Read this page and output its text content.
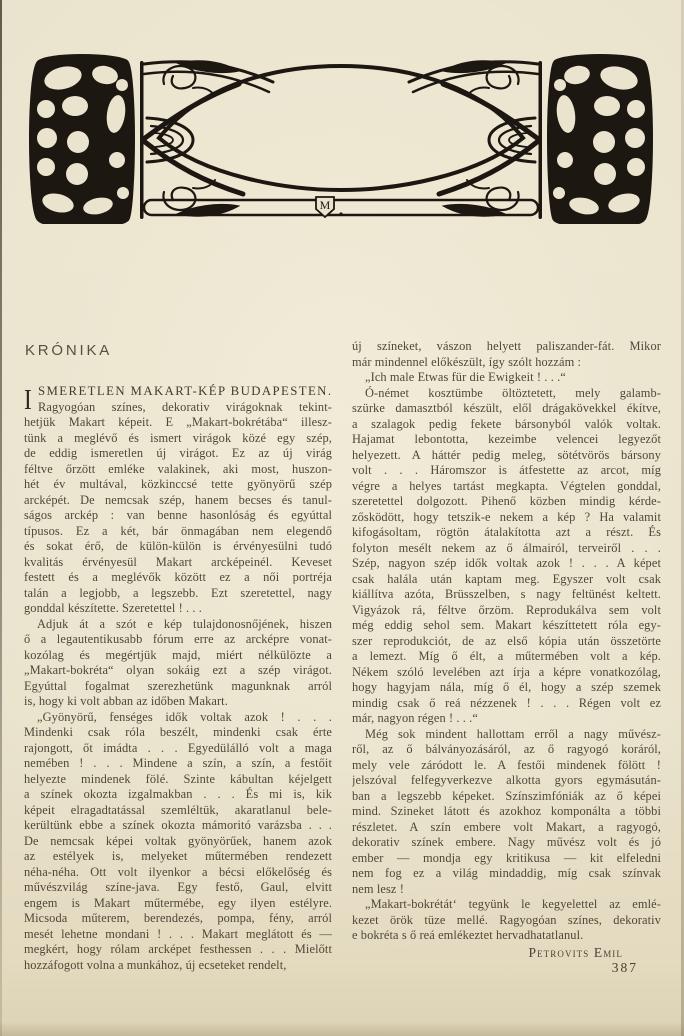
M
KRÓNIKA
I SMERETLEN MAKART-KÉP BUDAPESTEN.
Ragyogóan színes, dekorativ virágoknak tekint-
hetjük Makart képeit. E „Makart-bokrétába“ illesz-
tünk a meglévő és ismert virágok közé egy szép,
de eddig ismeretlen új virágot. Ez az új virág
féltve őrzött emléke valakinek, aki most, huszon-
hét év multával, közkinccsé tette gyönyörű szép
arcképét. De nemcsak szép, hanem becses és tanul-
ságos arckép : van benne hasonlóság és egyúttal
típusos. Ez a két, bár önmagában nem elegendő
és sokat érő, de külön-külön is érvényesülni tudó
kvalitás érvényesül Makart arcképeinél. Keveset
festett és a meglévők között ez a női portréja
talán a legjobb, a legszebb. Ezt szeretettel, nagy
gonddal készítette. Szeretettel ! . . .
Adjuk át a szót e kép tulajdonosnőjének, hiszen
ő a legautentikusabb fórum erre az arcképre vonat-
kozólag és megértjük majd, miért nélkülözte a
„Makart-bokréta“ olyan sokáig ezt a szép virágot.
Egyúttal fogalmat szerezhetünk magunknak arról
is, hogy ki volt abban az időben Makart.
„Gyönyörű, fenséges idők voltak azok ! . . .
Mindenki csak róla beszélt, mindenki csak érte
rajongott, őt imádta . . . Egyedülálló volt a maga
nemében ! . . . Mindene a szín, a szín, a festőit
helyezte mindenek fölé. Szinte kábultan kéjelgett
a színek okozta izgalmakban . . . És mi is, kik
képeit elragadtatással szemléltük, akaratlanul bele-
kerültünk ebbe a színek okozta mámoritó varázsba . . .
De nemcsak képei voltak gyönyörűek, hanem azok
az estélyek is, melyeket műtermében rendezett
néha-néha. Ott volt ilyenkor a bécsi előkelőség és
művészvilág színe-java. Egy festő, Gaul, elvitt
engem is Makart műtermébe, egy ilyen estélyre.
Micsoda műterem, berendezés, pompa, fény, arról
mesét lehetne mondani ! . . . Makart meglátott és —
megkért, hogy rólam arcképet festhessen . . . Mielőtt
hozzáfogott volna a munkához, új ecseteket rendelt,
új színeket, vászon helyett paliszander-fát. Mikor
már mindennel előkészült, így szólt hozzám :
„Ich male Etwas für die Ewigkeit ! . . .“
Ó-német kosztümbe öltöztetett, mely galamb-
szürke damasztból készült, elől drágakövekkel ékítve,
a szalagok pedig fekete bársonyból valók voltak.
Hajamat lebontotta, kezeimbe velencei legyezőt
helyezett. A háttér pedig meleg, sötétvörös bársony
volt . . . Háromszor is átfestette az arcot, míg
végre a helyes tartást megkapta. Végtelen gonddal,
szeretettel dolgozott. Pihenő közben mindig kérde-
zősködött, hogy tetszik-e nekem a kép ? Ha valamit
kifogásoltam, rögtön átalakította azt a részt. És
folyton mesélt nekem az ő álmairól, terveiről . . .
Szép, nagyon szép idők voltak azok ! . . . A képet
csak halála után kaptam meg. Egyszer volt csak
kiállítva azóta, Brüsszelben, s nagy feltünést keltett.
Vigyázok rá, féltve őrzöm. Reprodukálva sem volt
még eddig sehol sem. Makart készíttetett róla egy-
szer reprodukciót, de az első kópia után összetörte
a lemezt. Míg ő élt, a műtermében volt a kép.
Nékem szóló levelében azt írja a képre vonatkozólag,
hogy hagyjam nála, míg ő él, hogy a szép szemek
mindig csak ő reá nézzenek ! . . . Régen volt ez
már, nagyon régen ! . . .“
Még sok mindent hallottam erről a nagy művész-
ről, az ő bálványozásáról, az ő ragyogó koráról,
mely vele záródott le. A festői mindenek fölött !
jelszóval felfegyverkezve alkotta gyors egymásután-
ban a legszebb képeket. Színszimfóniák az ő képei
mind. Szineket látott és azokhoz komponálta a többi
részletet. A szín embere volt Makart, a ragyogó,
dekorativ színek embere. Nagy művész volt és jó
ember — mondja egy kritikusa — kit elfeledni
nem fog ez a világ mindaddig, míg csak színvak
nem lesz !
„Makart-bokrétát‘ tegyünk le kegyelettel az emlé-
kezet örök tüze mellé. Ragyogóan színes, dekorativ
e bokréta s ő reá emlékeztet hervadhatatlanul.
Petrovits Emil
387
